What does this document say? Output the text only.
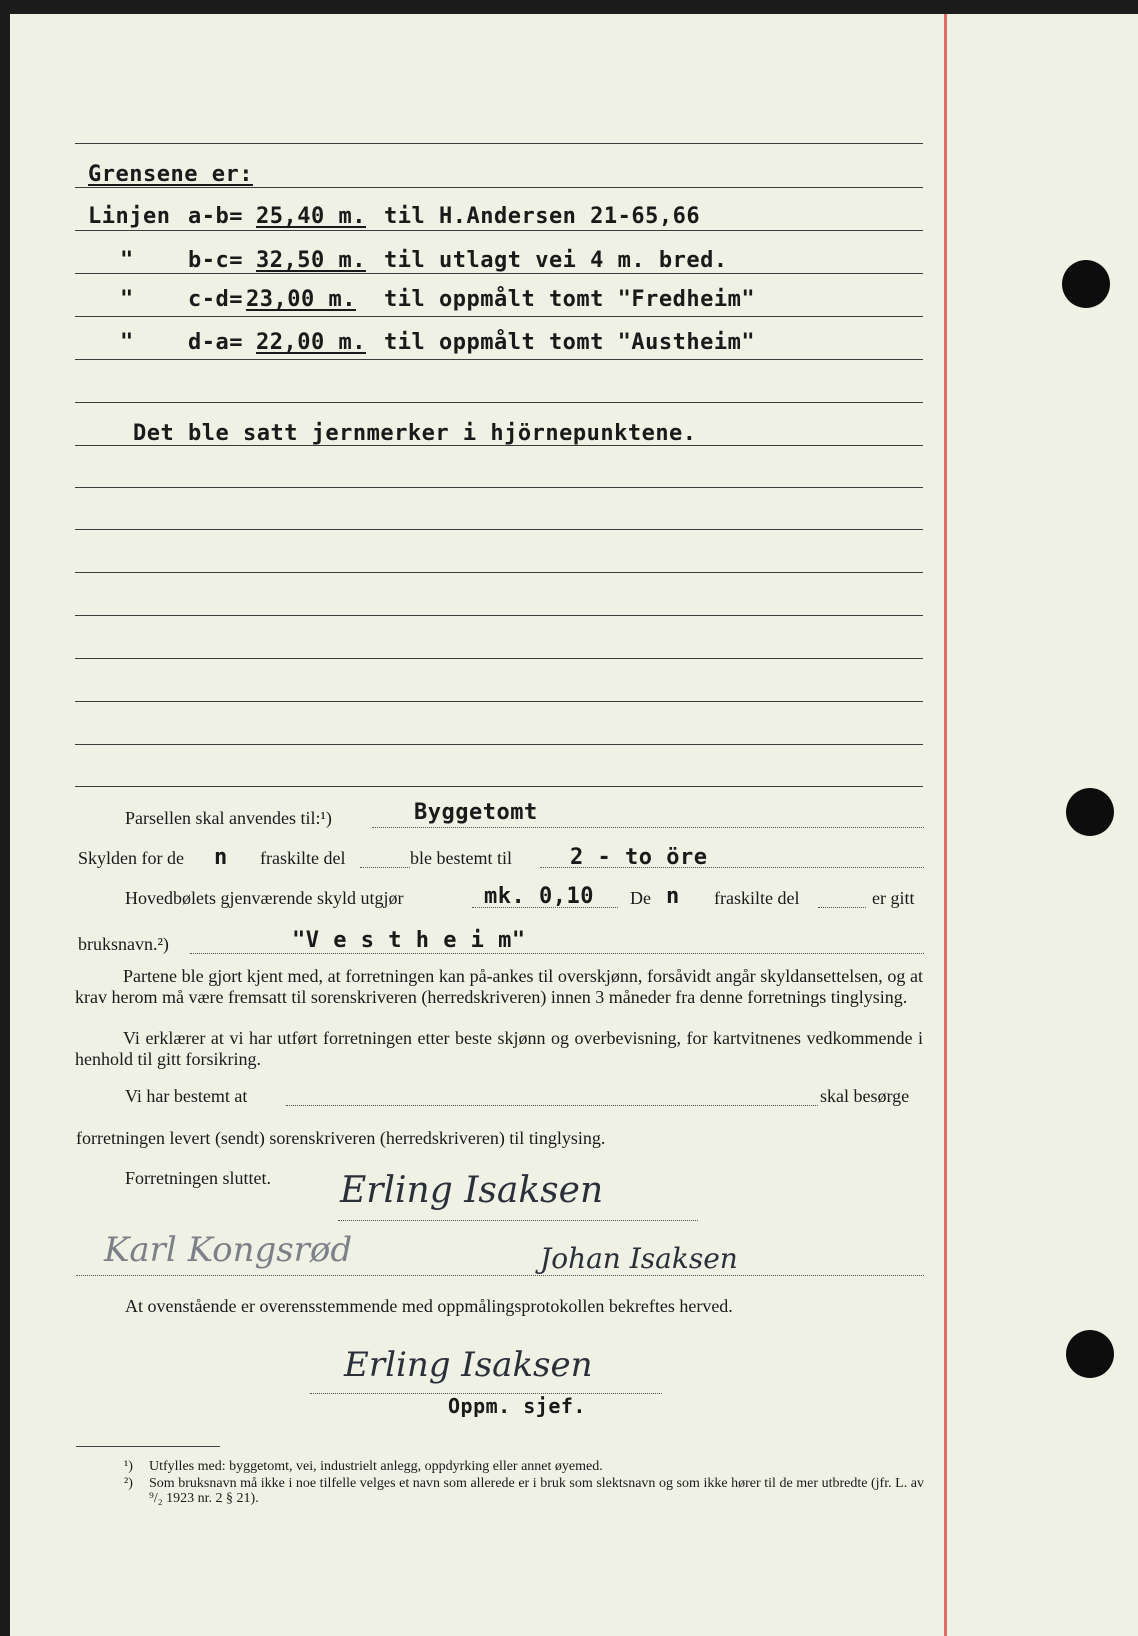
Grensene er:
Linjen a-b= 25,40 m. til H.Andersen 21-65,66
" b-c= 32,50 m. til utlagt vei 4 m. bred.
" c-d= 23,00 m. til oppmålt tomt "Fredheim"
" d-a= 22,00 m. til oppmålt tomt "Austheim"
Det ble satt jernmerker i hjörnepunktene.
Parsellen skal anvendes til:¹)	Byggetomt
Skylden for de n fraskilte del	ble bestemt til	2 - to öre
Hovedbølets gjenværende skyld utgjør	mk. 0,10 De n fraskilte del	er gitt
bruksnavn.²)	"V e s t h e i m"
Partene ble gjort kjent med, at forretningen kan på-ankes til overskjønn, forsåvidt angår skyldansettelsen, og at krav herom må være fremsatt til sorenskriveren (herredskriveren) innen 3 måneder fra denne forretnings tinglysing.
Vi erklærer at vi har utført forretningen etter beste skjønn og overbevisning, for kartvitnenes vedkommende i henhold til gitt forsikring.
Vi har bestemt at	skal besørge
forretningen levert (sendt) sorenskriveren (herredskriveren) til tinglysing.
Forretningen sluttet. Erling Isaksen
Karl Kongsrød	Johan Isaksen
At ovenstående er overensstemmende med oppmålingsprotokollen bekreftes herved.
Erling Isaksen
Oppm. sjef.
¹) Utfylles med: byggetomt, vei, industrielt anlegg, oppdyrking eller annet øyemed.
²) Som bruksnavn må ikke i noe tilfelle velges et navn som allerede er i bruk som slektsnavn og som ikke hører til de mer utbredte (jfr. L. av ⁹/₂ 1923 nr. 2 § 21).
